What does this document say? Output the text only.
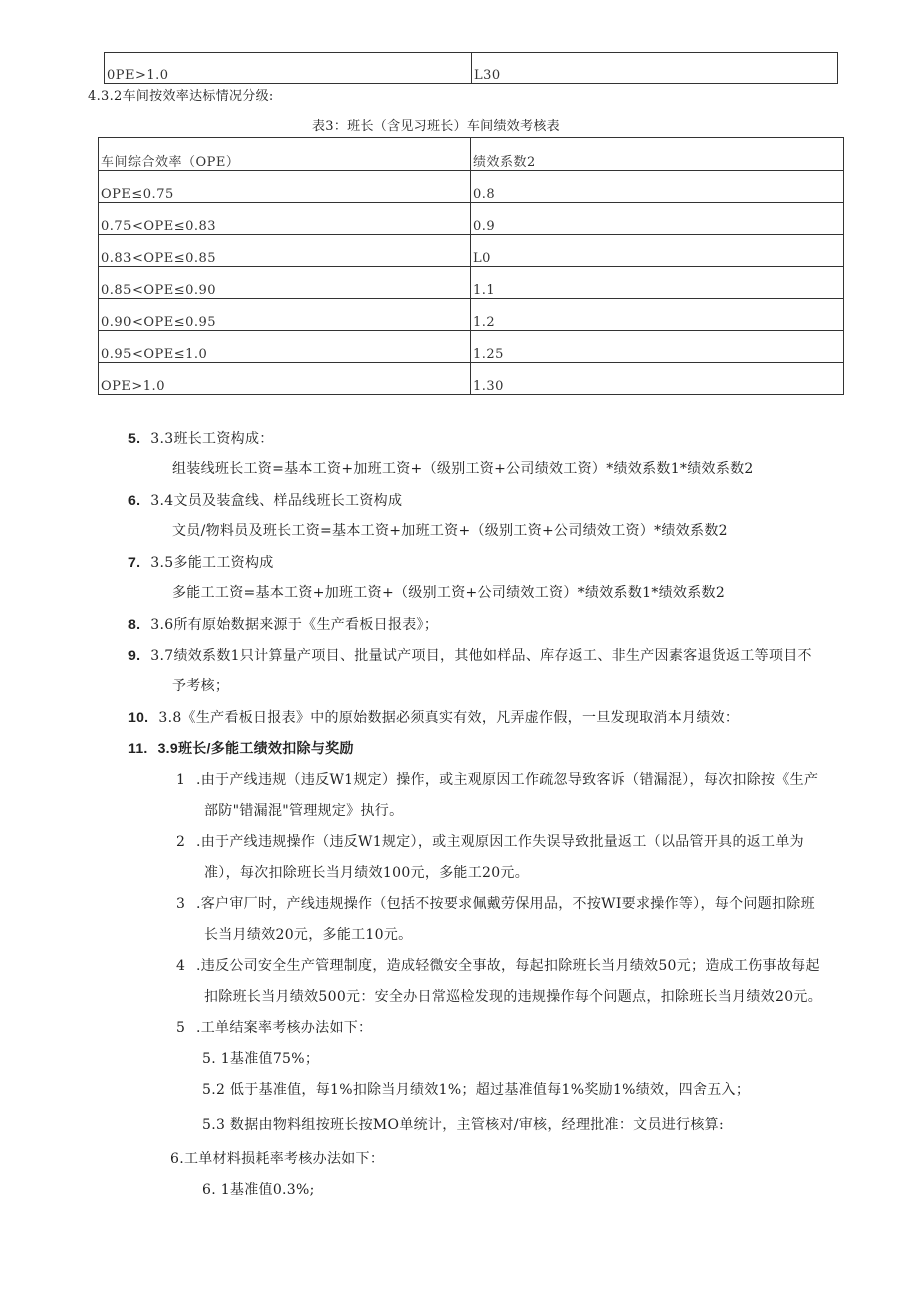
0PE>1.0	L30
4.3.2车间按效率达标情况分级:
表3：班长（含见习班长）车间绩效考核表
车间综合效率（OPE）	绩效系数2
OPE≤0.75	0.8
0.75<OPE≤0.83	0.9
0.83<OPE≤0.85	L0
0.85<OPE≤0.90	1.1
0.90<OPE≤0.95	1.2
0.95<OPE≤1.0	1.25
OPE>1.0	1.30
5. 3.3班长工资构成：
组装线班长工资=基本工资+加班工资+（级别工资+公司绩效工资）*绩效系数1*绩效系数2
6. 3.4文员及装盒线、样品线班长工资构成
文员/物料员及班长工资=基本工资+加班工资+（级别工资+公司绩效工资）*绩效系数2
7. 3.5多能工工资构成
多能工工资=基本工资+加班工资+（级别工资+公司绩效工资）*绩效系数1*绩效系数2
8. 3.6所有原始数据来源于《生产看板日报表》；
9. 3.7绩效系数1只计算量产项目、批量试产项目，其他如样品、库存返工、非生产因素客退货返工等项目不
予考核；
10. 3.8《生产看板日报表》中的原始数据必须真实有效，凡弄虚作假，一旦发现取消本月绩效：
11. 3.9班长/多能工绩效扣除与奖励
1 .由于产线违规（违反W1规定）操作，或主观原因工作疏忽导致客诉（错漏混），每次扣除按《生产
部防"错漏混"管理规定》执行。
2 .由于产线违规操作（违反W1规定），或主观原因工作失误导致批量返工（以品管开具的返工单为
准），每次扣除班长当月绩效100元，多能工20元。
3 .客户审厂时，产线违规操作（包括不按要求佩戴劳保用品，不按WI要求操作等），每个问题扣除班
长当月绩效20元，多能工10元。
4 .违反公司安全生产管理制度，造成轻微安全事故，每起扣除班长当月绩效50元；造成工伤事故每起
扣除班长当月绩效500元：安全办日常巡检发现的违规操作每个问题点，扣除班长当月绩效20元。
5 .工单结案率考核办法如下：
5. 1基准值75%；
5.2 低于基准值，每1%扣除当月绩效1%；超过基准值每1%奖励1%绩效，四舍五入；
5.3 数据由物料组按班长按MO单统计，主管核对/审核，经理批准：文员进行核算:
6.工单材料损耗率考核办法如下：
6. 1基准值0.3%;
